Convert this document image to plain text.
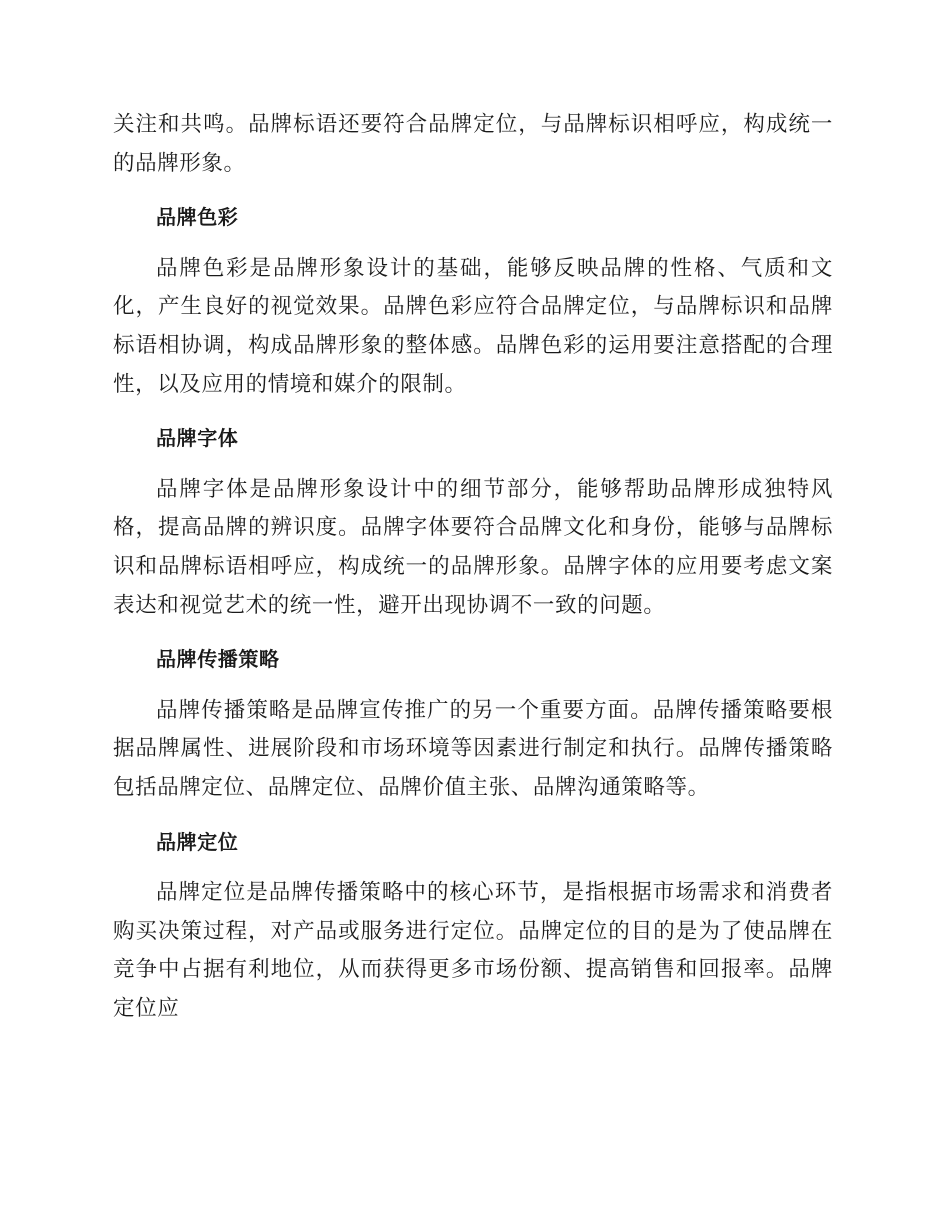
关注和共鸣。品牌标语还要符合品牌定位，与品牌标识相呼应，构成统一的品牌形象。

品牌色彩

品牌色彩是品牌形象设计的基础，能够反映品牌的性格、气质和文化，产生良好的视觉效果。品牌色彩应符合品牌定位，与品牌标识和品牌标语相协调，构成品牌形象的整体感。品牌色彩的运用要注意搭配的合理性，以及应用的情境和媒介的限制。

品牌字体

品牌字体是品牌形象设计中的细节部分，能够帮助品牌形成独特风格，提高品牌的辨识度。品牌字体要符合品牌文化和身份，能够与品牌标识和品牌标语相呼应，构成统一的品牌形象。品牌字体的应用要考虑文案表达和视觉艺术的统一性，避开出现协调不一致的问题。

品牌传播策略

品牌传播策略是品牌宣传推广的另一个重要方面。品牌传播策略要根据品牌属性、进展阶段和市场环境等因素进行制定和执行。品牌传播策略包括品牌定位、品牌定位、品牌价值主张、品牌沟通策略等。

品牌定位

品牌定位是品牌传播策略中的核心环节，是指根据市场需求和消费者购买决策过程，对产品或服务进行定位。品牌定位的目的是为了使品牌在竞争中占据有利地位，从而获得更多市场份额、提高销售和回报率。品牌定位应
